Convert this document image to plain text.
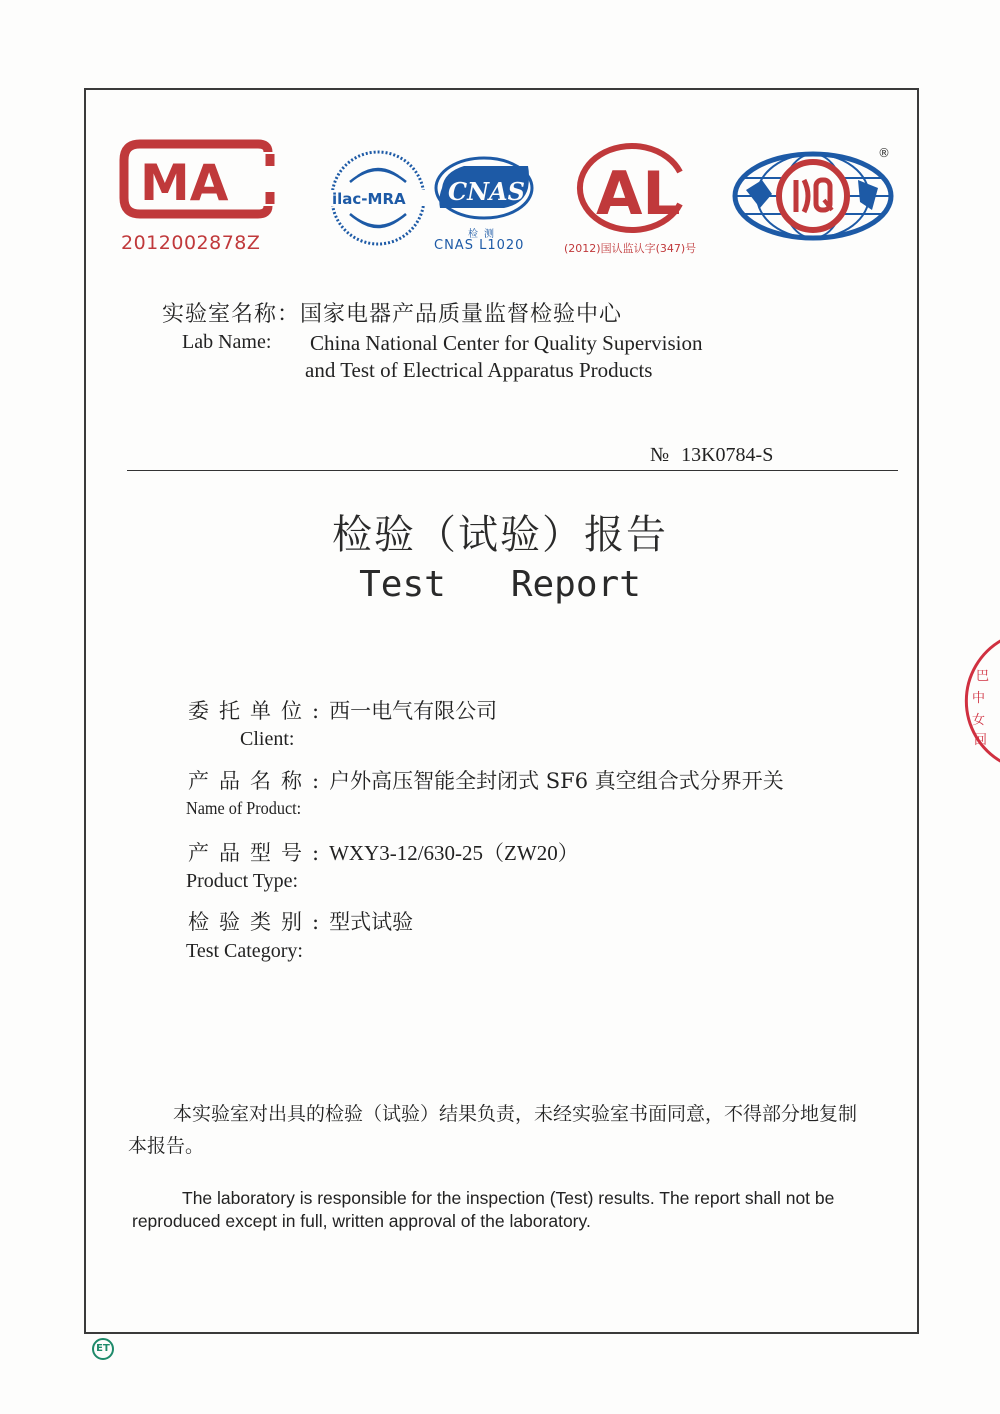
MA
2012002878Z
ilac-MRA CNAS
检测
CNAS L1020
AL
(2012)国认监认字(347)号
®
实验室名称：国家电器产品质量监督检验中心
Lab Name: China National Center for Quality Supervision
and Test of Electrical Apparatus Products
№ 13K0784-S
检验（试验）报告
Test   Report
委托单位:西一电气有限公司
Client:
产品名称:户外高压智能全封闭式 SF6 真空组合式分界开关
Name of Product:
产品型号:WXY3-12/630-25（ZW20）
Product Type:
检验类别:型式试验
Test Category:
本实验室对出具的检验（试验）结果负责，未经实验室书面同意，不得部分地复制本报告。
The laboratory is responsible for the inspection (Test) results. The report shall not be reproduced except in full, written approval of the laboratory.
ET
巴
中
女
回
